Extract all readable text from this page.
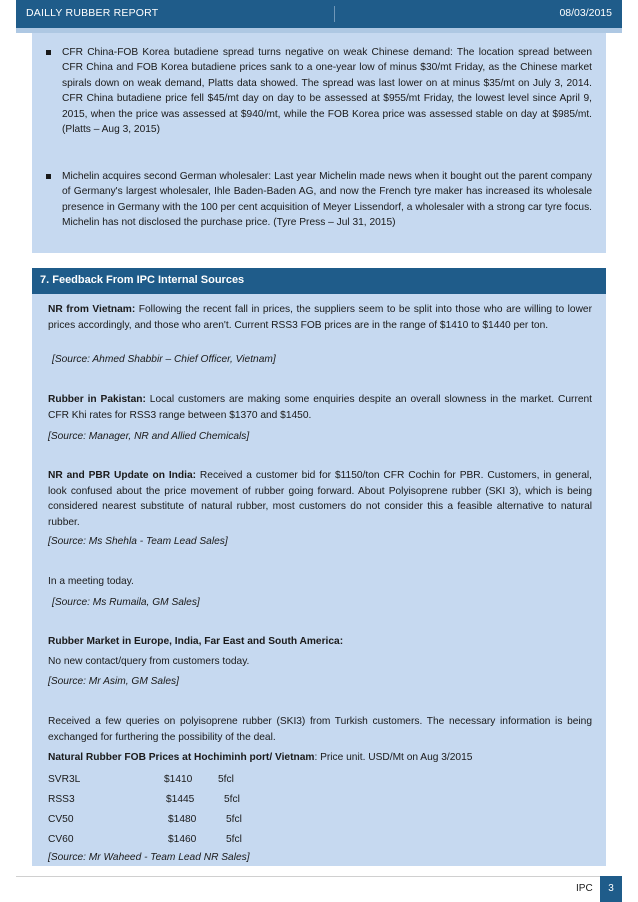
DAILLY RUBBER REPORT	08/03/2015
CFR China-FOB Korea butadiene spread turns negative on weak Chinese demand: The location spread between CFR China and FOB Korea butadiene prices sank to a one-year low of minus $30/mt Friday, as the Chinese market spirals down on weak demand, Platts data showed. The spread was last lower on at minus $35/mt on July 3, 2014. CFR China butadiene price fell $45/mt day on day to be assessed at $955/mt Friday, the lowest level since April 9, 2015, when the price was assessed at $940/mt, while the FOB Korea price was assessed stable on day at $985/mt. (Platts – Aug 3, 2015)
Michelin acquires second German wholesaler: Last year Michelin made news when it bought out the parent company of Germany's largest wholesaler, Ihle Baden-Baden AG, and now the French tyre maker has increased its wholesale presence in Germany with the 100 per cent acquisition of Meyer Lissendorf, a wholesaler with a strong car tyre focus. Michelin has not disclosed the purchase price. (Tyre Press – Jul 31, 2015)
7. Feedback From IPC Internal Sources
NR from Vietnam: Following the recent fall in prices, the suppliers seem to be split into those who are willing to lower prices accordingly, and those who aren't. Current RSS3 FOB prices are in the range of $1410 to $1440 per ton.
[Source: Ahmed Shabbir – Chief Officer, Vietnam]
Rubber in Pakistan: Local customers are making some enquiries despite an overall slowness in the market. Current CFR Khi rates for RSS3 range between $1370 and $1450.
[Source: Manager, NR and Allied Chemicals]
NR and PBR Update on India: Received a customer bid for $1150/ton CFR Cochin for PBR. Customers, in general, look confused about the price movement of rubber going forward. About Polyisoprene rubber (SKI 3), which is being considered nearest substitute of natural rubber, most customers do not consider this a feasible alternative to natural rubber.
[Source: Ms Shehla - Team Lead Sales]
In a meeting today.
[Source: Ms Rumaila, GM Sales]
Rubber Market in Europe, India, Far East and South America:
No new contact/query from customers today.
[Source: Mr Asim, GM Sales]
Received a few queries on polyisoprene rubber (SKI3) from Turkish customers. The necessary information is being exchanged for furthering the possibility of the deal.
Natural Rubber FOB Prices at Hochiminh port/ Vietnam: Price unit. USD/Mt on Aug 3/2015
SVR3L	$1410	5fcl
RSS3	$1445	5fcl
CV50	$1480	5fcl
CV60	$1460	5fcl
[Source: Mr Waheed - Team Lead NR Sales]
IPC	3
